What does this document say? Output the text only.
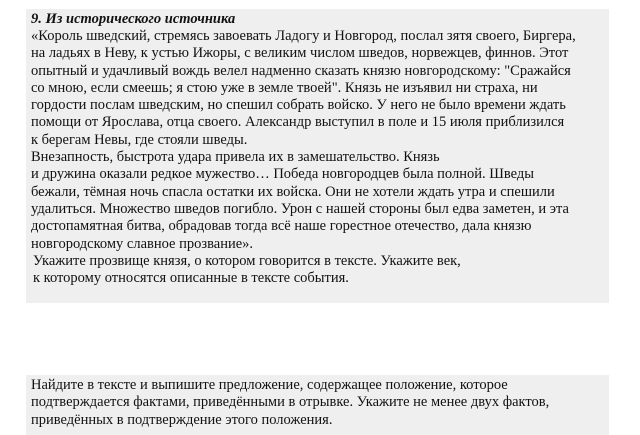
9. Из исторического источника

«Король шведский, стремясь завоевать Ладогу и Новгород, послал зятя своего, Биргера,
на ладьях в Неву, к устью Ижоры, с великим числом шведов, норвежцев, финнов. Этот
опытный и удачливый вождь велел надменно сказать князю новгородскому: "Сражайся
со мною, если смеешь; я стою уже в земле твоей". Князь не изъявил ни страха, ни
гордости послам шведским, но спешил собрать войско. У него не было времени ждать
помощи от Ярослава, отца своего. Александр выступил в поле и 15 июля приблизился
к берегам Невы, где стояли шведы.
Внезапность, быстрота удара привела их в замешательство. Князь
и дружина оказали редкое мужество… Победа новгородцев была полной. Шведы
бежали, тёмная ночь спасла остатки их войска. Они не хотели ждать утра и спешили
удалиться. Множество шведов погибло. Урон с нашей стороны был едва заметен, и эта
достопамятная битва, обрадовав тогда всё наше горестное отечество, дала князю
новгородскому славное прозвание».
Укажите прозвище князя, о котором говорится в тексте. Укажите век,
к которому относятся описанные в тексте события.
Найдите в тексте и выпишите предложение, содержащее положение, которое
подтверждается фактами, приведёнными в отрывке. Укажите не менее двух фактов,
приведённых в подтверждение этого положения.
